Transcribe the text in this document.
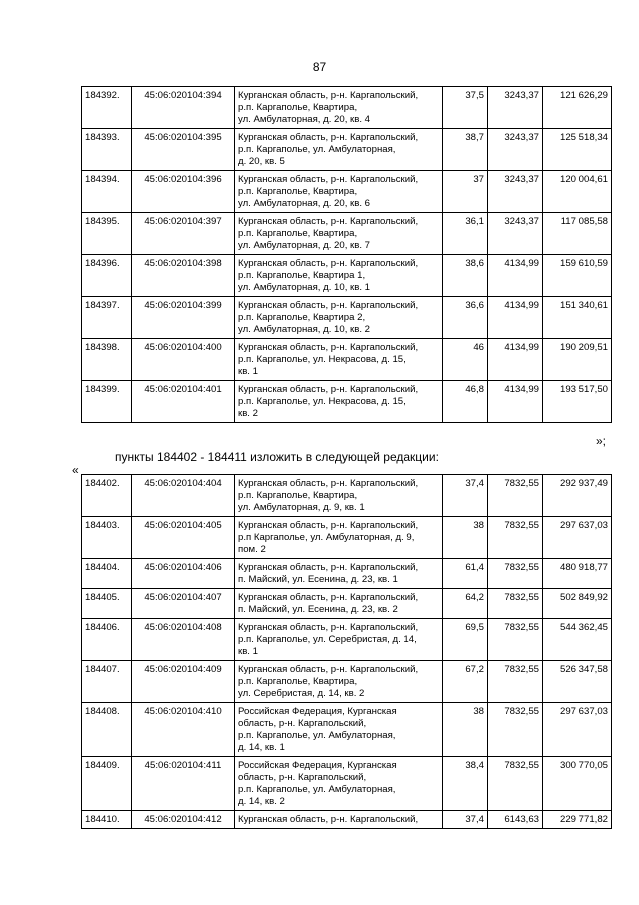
87
184392.	45:06:020104:394	Курганская область, р-н. Каргапольский,
р.п. Каргаполье, Квартира,
ул. Амбулаторная, д. 20, кв. 4	37,5	3243,37	121 626,29
184393.	45:06:020104:395	Курганская область, р-н. Каргапольский,
р.п. Каргаполье, ул. Амбулаторная,
д. 20, кв. 5	38,7	3243,37	125 518,34
184394.	45:06:020104:396	Курганская область, р-н. Каргапольский,
р.п. Каргаполье, Квартира,
ул. Амбулаторная, д. 20, кв. 6	37	3243,37	120 004,61
184395.	45:06:020104:397	Курганская область, р-н. Каргапольский,
р.п. Каргаполье, Квартира,
ул. Амбулаторная, д. 20, кв. 7	36,1	3243,37	117 085,58
184396.	45:06:020104:398	Курганская область, р-н. Каргапольский,
р.п. Каргаполье, Квартира 1,
ул. Амбулаторная, д. 10, кв. 1	38,6	4134,99	159 610,59
184397.	45:06:020104:399	Курганская область, р-н. Каргапольский,
р.п. Каргаполье, Квартира 2,
ул. Амбулаторная, д. 10, кв. 2	36,6	4134,99	151 340,61
184398.	45:06:020104:400	Курганская область, р-н. Каргапольский,
р.п. Каргаполье, ул. Некрасова, д. 15,
кв. 1	46	4134,99	190 209,51
184399.	45:06:020104:401	Курганская область, р-н. Каргапольский,
р.п. Каргаполье, ул. Некрасова, д. 15,
кв. 2	46,8	4134,99	193 517,50
»;
пункты 184402 - 184411 изложить в следующей редакции:
«
184402.	45:06:020104:404	Курганская область, р-н. Каргапольский,
р.п. Каргаполье, Квартира,
ул. Амбулаторная, д. 9, кв. 1	37,4	7832,55	292 937,49
184403.	45:06:020104:405	Курганская область, р-н. Каргапольский,
р.п Каргаполье, ул. Амбулаторная, д. 9,
пом. 2	38	7832,55	297 637,03
184404.	45:06:020104:406	Курганская область, р-н. Каргапольский,
п. Майский, ул. Есенина, д. 23, кв. 1	61,4	7832,55	480 918,77
184405.	45:06:020104:407	Курганская область, р-н. Каргапольский,
п. Майский, ул. Есенина, д. 23, кв. 2	64,2	7832,55	502 849,92
184406.	45:06:020104:408	Курганская область, р-н. Каргапольский,
р.п. Каргаполье, ул. Серебристая, д. 14,
кв. 1	69,5	7832,55	544 362,45
184407.	45:06:020104:409	Курганская область, р-н. Каргапольский,
р.п. Каргаполье, Квартира,
ул. Серебристая, д. 14, кв. 2	67,2	7832,55	526 347,58
184408.	45:06:020104:410	Российская Федерация, Курганская
область, р-н. Каргапольский,
р.п. Каргаполье, ул. Амбулаторная,
д. 14, кв. 1	38	7832,55	297 637,03
184409.	45:06:020104:411	Российская Федерация, Курганская
область, р-н. Каргапольский,
р.п. Каргаполье, ул. Амбулаторная,
д. 14, кв. 2	38,4	7832,55	300 770,05
184410.	45:06:020104:412	Курганская область, р-н. Каргапольский,	37,4	6143,63	229 771,82
